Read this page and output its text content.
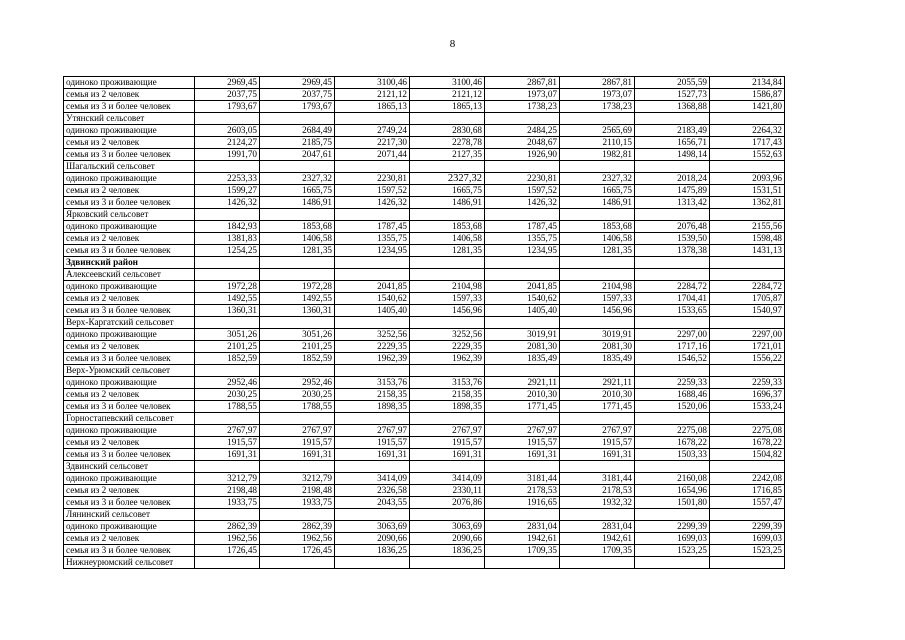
8
одиноко проживающие	2969,45	2969,45	3100,46	3100,46	2867,81	2867,81	2055,59	2134,84
семья из 2 человек	2037,75	2037,75	2121,12	2121,12	1973,07	1973,07	1527,73	1586,87
семья из 3 и более человек	1793,67	1793,67	1865,13	1865,13	1738,23	1738,23	1368,88	1421,80
Утянский сельсовет								
одиноко проживающие	2603,05	2684,49	2749,24	2830,68	2484,25	2565,69	2183,49	2264,32
семья из 2 человек	2124,27	2185,75	2217,30	2278,78	2048,67	2110,15	1656,71	1717,43
семья из 3 и более человек	1991,70	2047,61	2071,44	2127,35	1926,90	1982,81	1498,14	1552,63
Шагальский сельсовет								
одиноко проживающие	2253,33	2327,32	2230,81	2327,32	2230,81	2327,32	2018,24	2093,96
семья из 2 человек	1599,27	1665,75	1597,52	1665,75	1597,52	1665,75	1475,89	1531,51
семья из 3 и более человек	1426,32	1486,91	1426,32	1486,91	1426,32	1486,91	1313,42	1362,81
Ярковский сельсовет								
одиноко проживающие	1842,93	1853,68	1787,45	1853,68	1787,45	1853,68	2076,48	2155,56
семья из 2 человек	1381,83	1406,58	1355,75	1406,58	1355,75	1406,58	1539,50	1598,48
семья из 3 и более человек	1254,25	1281,35	1234,95	1281,35	1234,95	1281,35	1378,38	1431,13
Здвинский район								
Алексеевский сельсовет								
одиноко проживающие	1972,28	1972,28	2041,85	2104,98	2041,85	2104,98	2284,72	2284,72
семья из 2 человек	1492,55	1492,55	1540,62	1597,33	1540,62	1597,33	1704,41	1705,87
семья из 3 и более человек	1360,31	1360,31	1405,40	1456,96	1405,40	1456,96	1533,65	1540,97
Верх-Каргатский сельсовет								
одиноко проживающие	3051,26	3051,26	3252,56	3252,56	3019,91	3019,91	2297,00	2297,00
семья из 2 человек	2101,25	2101,25	2229,35	2229,35	2081,30	2081,30	1717,16	1721,01
семья из 3 и более человек	1852,59	1852,59	1962,39	1962,39	1835,49	1835,49	1546,52	1556,22
Верх-Урюмский сельсовет								
одиноко проживающие	2952,46	2952,46	3153,76	3153,76	2921,11	2921,11	2259,33	2259,33
семья из 2 человек	2030,25	2030,25	2158,35	2158,35	2010,30	2010,30	1688,46	1696,37
семья из 3 и более человек	1788,55	1788,55	1898,35	1898,35	1771,45	1771,45	1520,06	1533,24
Горностапевский сельсовет								
одиноко проживающие	2767,97	2767,97	2767,97	2767,97	2767,97	2767,97	2275,08	2275,08
семья из 2 человек	1915,57	1915,57	1915,57	1915,57	1915,57	1915,57	1678,22	1678,22
семья из 3 и более человек	1691,31	1691,31	1691,31	1691,31	1691,31	1691,31	1503,33	1504,82
Здвинский сельсовет								
одиноко проживающие	3212,79	3212,79	3414,09	3414,09	3181,44	3181,44	2160,08	2242,08
семья из 2 человек	2198,48	2198,48	2326,58	2330,11	2178,53	2178,53	1654,96	1716,85
семья из 3 и более человек	1933,75	1933,75	2043,55	2076,86	1916,65	1932,32	1501,80	1557,47
Лянинский сельсовет								
одиноко проживающие	2862,39	2862,39	3063,69	3063,69	2831,04	2831,04	2299,39	2299,39
семья из 2 человек	1962,56	1962,56	2090,66	2090,66	1942,61	1942,61	1699,03	1699,03
семья из 3 и более человек	1726,45	1726,45	1836,25	1836,25	1709,35	1709,35	1523,25	1523,25
Нижнеурюмский сельсовет								
